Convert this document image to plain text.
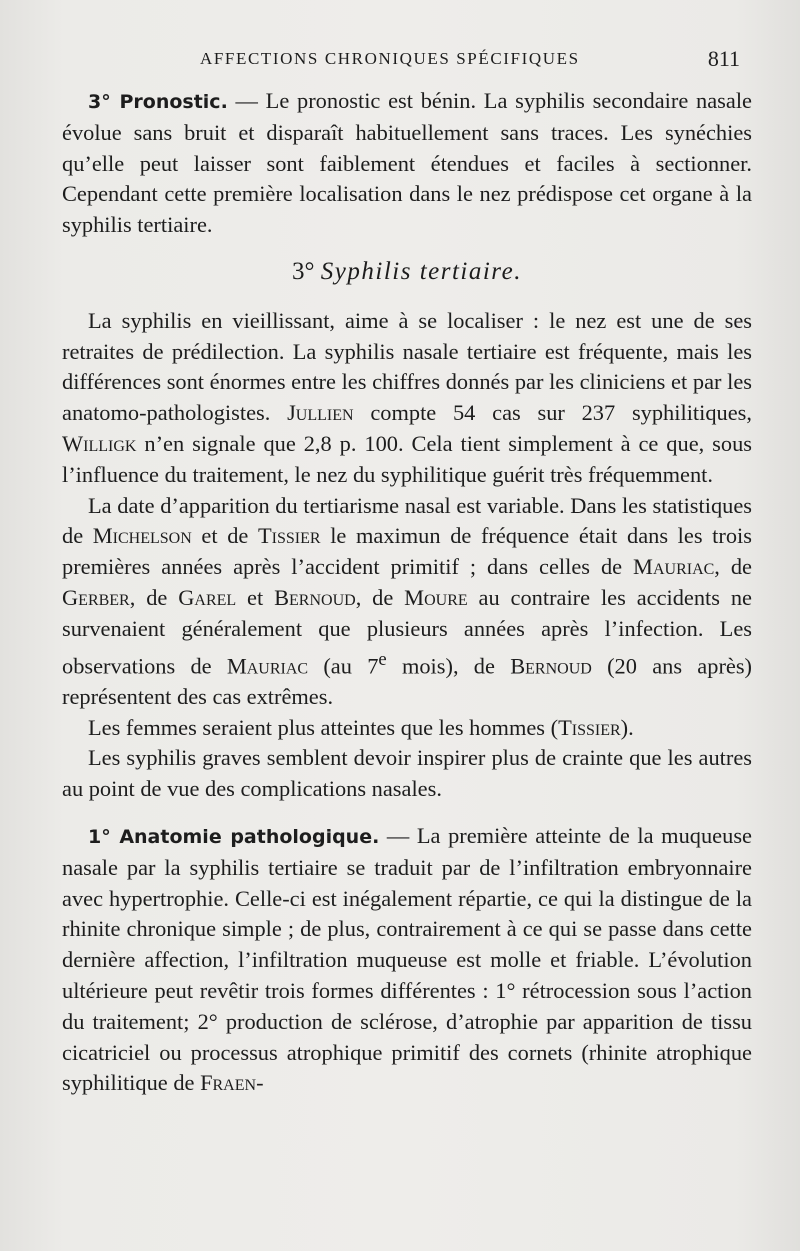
AFFECTIONS CHRONIQUES SPÉCIFIQUES	811

3° Pronostic. — Le pronostic est bénin. La syphilis secondaire nasale évolue sans bruit et disparaît habituellement sans traces. Les synéchies qu’elle peut laisser sont faiblement étendues et faciles à sectionner. Cependant cette première localisation dans le nez prédispose cet organe à la syphilis tertiaire.

3° Syphilis tertiaire.

La syphilis en vieillissant, aime à se localiser : le nez est une de ses retraites de prédilection. La syphilis nasale tertiaire est fréquente, mais les différences sont énormes entre les chiffres donnés par les cliniciens et par les anatomo-pathologistes. Jullien compte 54 cas sur 237 syphilitiques, Willigk n’en signale que 2,8 p. 100. Cela tient simplement à ce que, sous l’influence du traitement, le nez du syphilitique guérit très fréquemment.

La date d’apparition du tertiarisme nasal est variable. Dans les statistiques de Michelson et de Tissier le maximun de fréquence était dans les trois premières années après l’accident primitif ; dans celles de Mauriac, de Gerber, de Garel et Bernoud, de Moure au contraire les accidents ne survenaient généralement que plusieurs années après l’infection. Les observations de Mauriac (au 7e mois), de Bernoud (20 ans après) représentent des cas extrêmes.

Les femmes seraient plus atteintes que les hommes (Tissier).

Les syphilis graves semblent devoir inspirer plus de crainte que les autres au point de vue des complications nasales.

1° Anatomie pathologique. — La première atteinte de la muqueuse nasale par la syphilis tertiaire se traduit par de l’infiltration embryonnaire avec hypertrophie. Celle-ci est inégalement répartie, ce qui la distingue de la rhinite chronique simple ; de plus, contrairement à ce qui se passe dans cette dernière affection, l’infiltration muqueuse est molle et friable. L’évolution ultérieure peut revêtir trois formes différentes : 1° rétrocession sous l’action du traitement; 2° production de sclérose, d’atrophie par apparition de tissu cicatriciel ou processus atrophique primitif des cornets (rhinite atrophique syphilitique de Fraen-
